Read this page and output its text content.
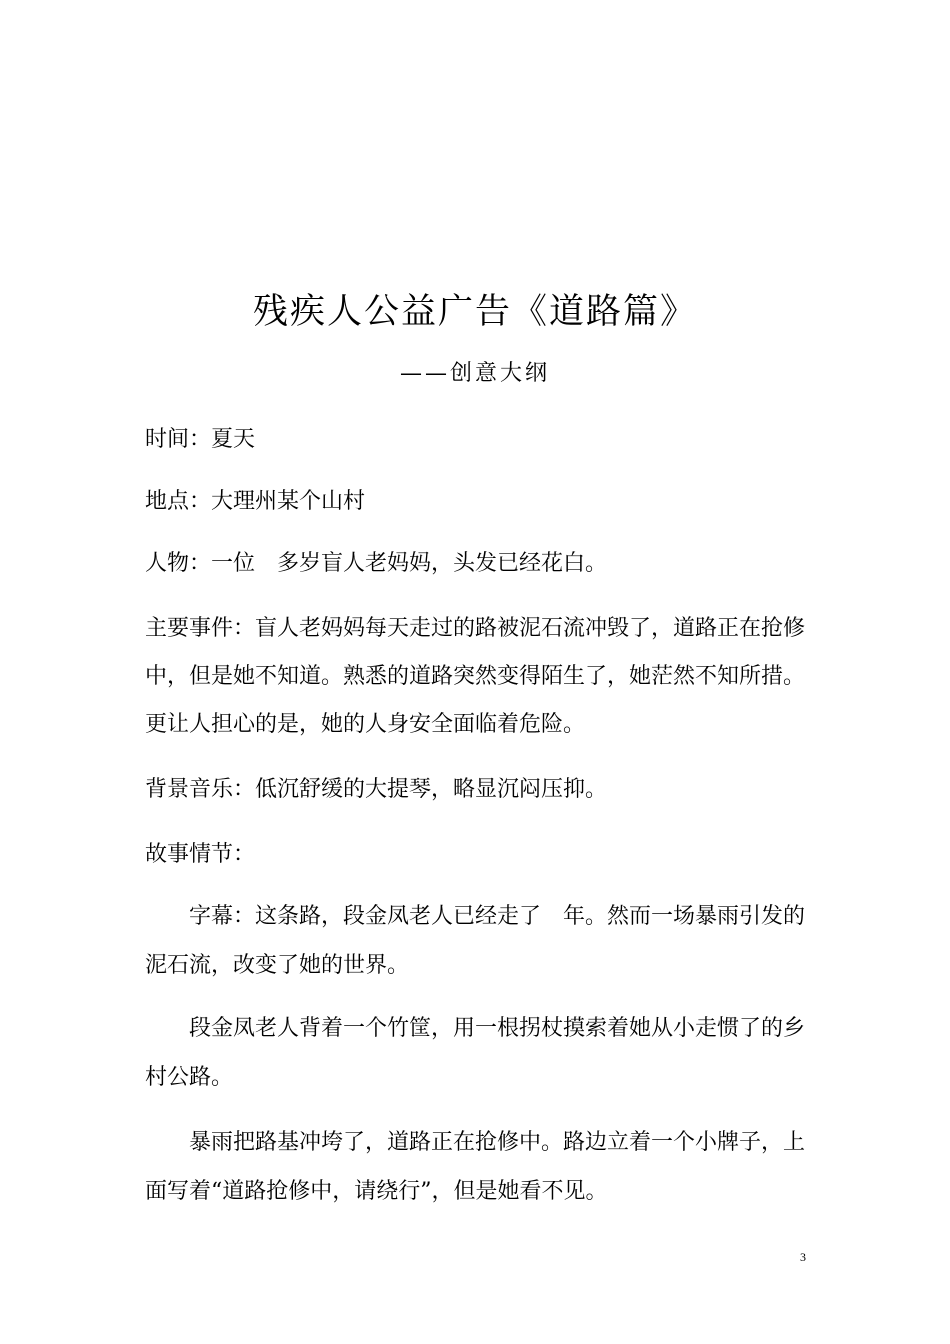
残疾人公益广告《道路篇》
——创意大纲
时间：夏天
地点：大理州某个山村
人物：一位　多岁盲人老妈妈，头发已经花白。
主要事件：盲人老妈妈每天走过的路被泥石流冲毁了，道路正在抢修
中，但是她不知道。熟悉的道路突然变得陌生了，她茫然不知所措。
更让人担心的是，她的人身安全面临着危险。
背景音乐：低沉舒缓的大提琴，略显沉闷压抑。
故事情节：
字幕：这条路，段金凤老人已经走了　年。然而一场暴雨引发的
泥石流，改变了她的世界。
段金凤老人背着一个竹筐，用一根拐杖摸索着她从小走惯了的乡
村公路。
暴雨把路基冲垮了，道路正在抢修中。路边立着一个小牌子，上
面写着“道路抢修中，请绕行”，但是她看不见。
3
